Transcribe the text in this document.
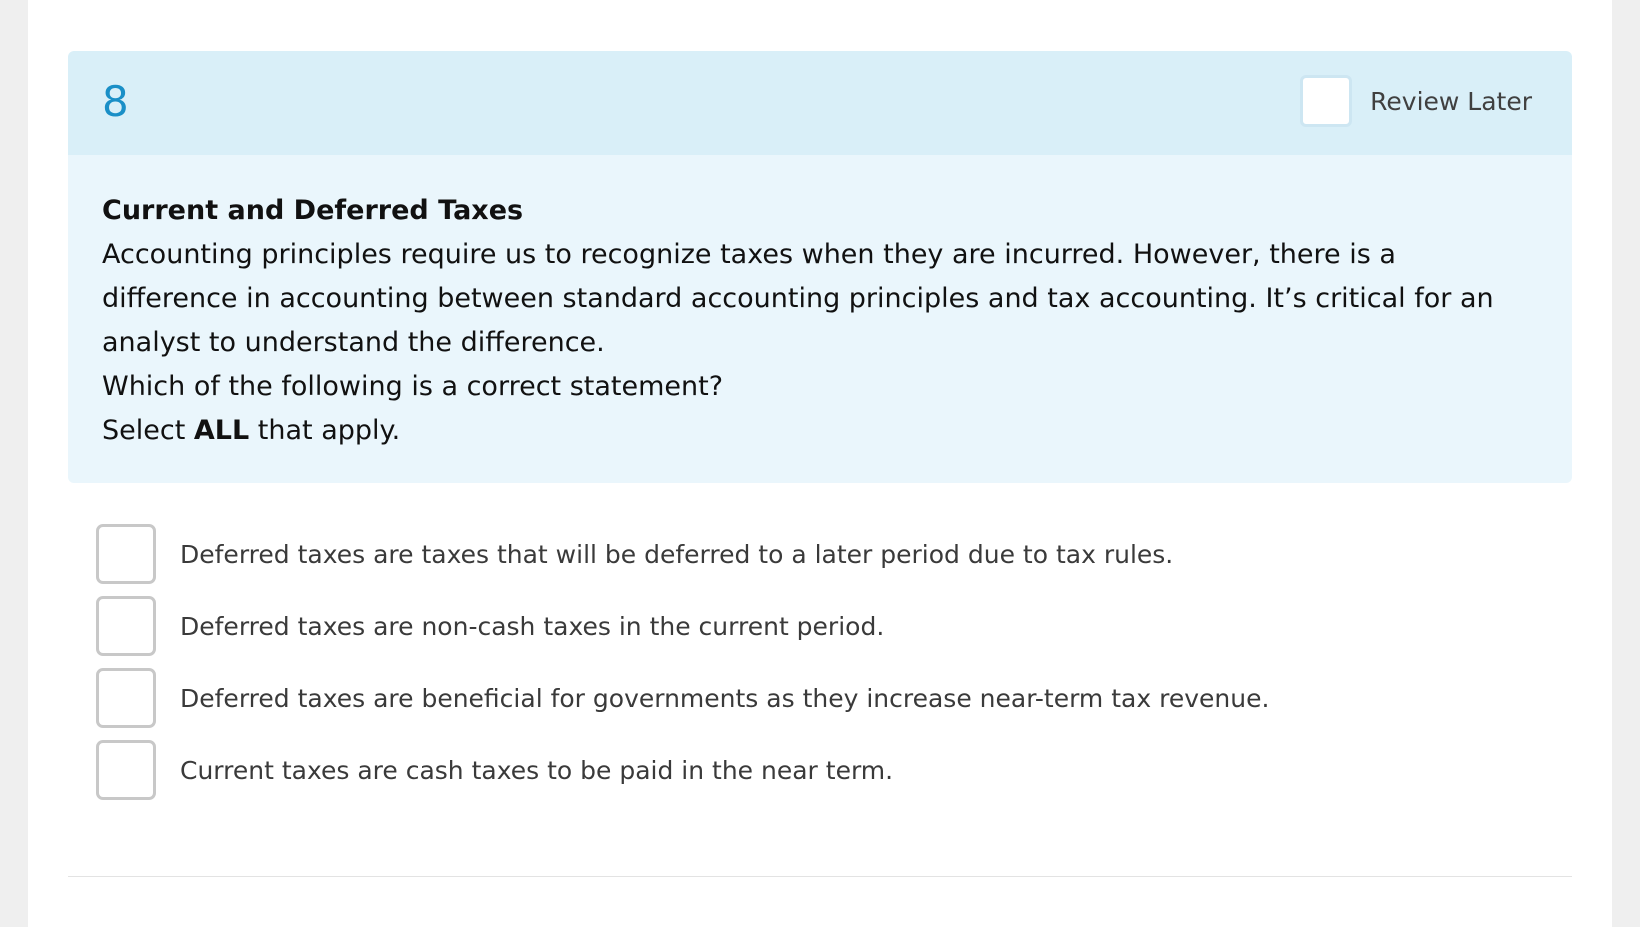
8	Review Later
Current and Deferred Taxes
Accounting principles require us to recognize taxes when they are incurred. However, there is a difference in accounting between standard accounting principles and tax accounting. It’s critical for an analyst to understand the difference.
Which of the following is a correct statement?
Select ALL that apply.
Deferred taxes are taxes that will be deferred to a later period due to tax rules.
Deferred taxes are non-cash taxes in the current period.
Deferred taxes are beneficial for governments as they increase near-term tax revenue.
Current taxes are cash taxes to be paid in the near term.
